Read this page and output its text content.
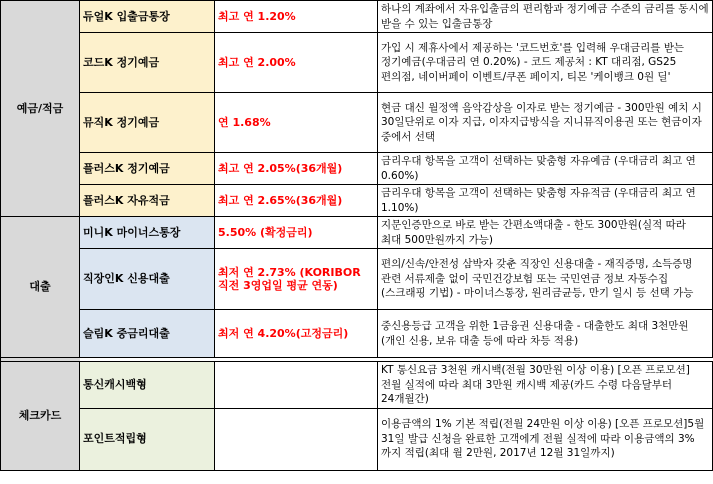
예금/적금	듀얼K 입출금통장	최고 연 1.20%	하나의 계좌에서 자유입출금의 편리함과 정기예금 수준의 금리를 동시에 받을 수 있는 입출금통장
	코드K 정기예금	최고 연 2.00%	가입 시 제휴사에서 제공하는 '코드번호'를 입력해 우대금리를 받는 정기예금(우대금리 연 0.20%) - 코드 제공처 : KT 대리점, GS25 편의점, 네이버페이 이벤트/쿠폰 페이지, 티몬 '케이뱅크 0원 딜'
	뮤직K 정기예금	연 1.68%	현금 대신 월정액 음악감상을 이자로 받는 정기예금 - 300만원 예치 시 30일단위로 이자 지급, 이자지급방식을 지니뮤직이용권 또는 현금이자 중에서 선택
	플러스K 정기예금	최고 연 2.05%(36개월)	금리우대 항목을 고객이 선택하는 맞춤형 자유예금 (우대금리 최고 연 0.60%)
	플러스K 자유적금	최고 연 2.65%(36개월)	금리우대 항목을 고객이 선택하는 맞춤형 자유적금 (우대금리 최고 연 1.10%)
대출	미니K 마이너스통장	5.50% (확정금리)	지문인증만으로 바로 받는 간편소액대출 - 한도 300만원(실적 따라 최대 500만원까지 가능)
	직장인K 신용대출	최저 연 2.73% (KORIBOR 직전 3영업일 평균 연동)	편의/신속/안전성 삼박자 갖춘 직장인 신용대출 - 재직증명, 소득증명 관련 서류제출 없이 국민건강보험 또는 국민연금 정보 자동수집(스크래핑 기법) - 마이너스통장, 원리금균등, 만기 일시 등 선택 가능
	슬림K 중금리대출	최저 연 4.20%(고정금리)	중신용등급 고객을 위한 1금융권 신용대출 - 대출한도 최대 3천만원(개인 신용, 보유 대출 등에 따라 차등 적용)

체크카드	통신캐시백형		KT 통신요금 3천원 캐시백(전월 30만원 이상 이용) [오픈 프로모션]전월 실적에 따라 최대 3만원 캐시백 제공(카드 수령 다음달부터 24개월간)
	포인트적립형		이용금액의 1% 기본 적립(전월 24만원 이상 이용) [오픈 프로모션]5월 31일 발급 신청을 완료한 고객에게 전월 실적에 따라 이용금액의 3%까지 적립(최대 월 2만원, 2017년 12월 31일까지)
